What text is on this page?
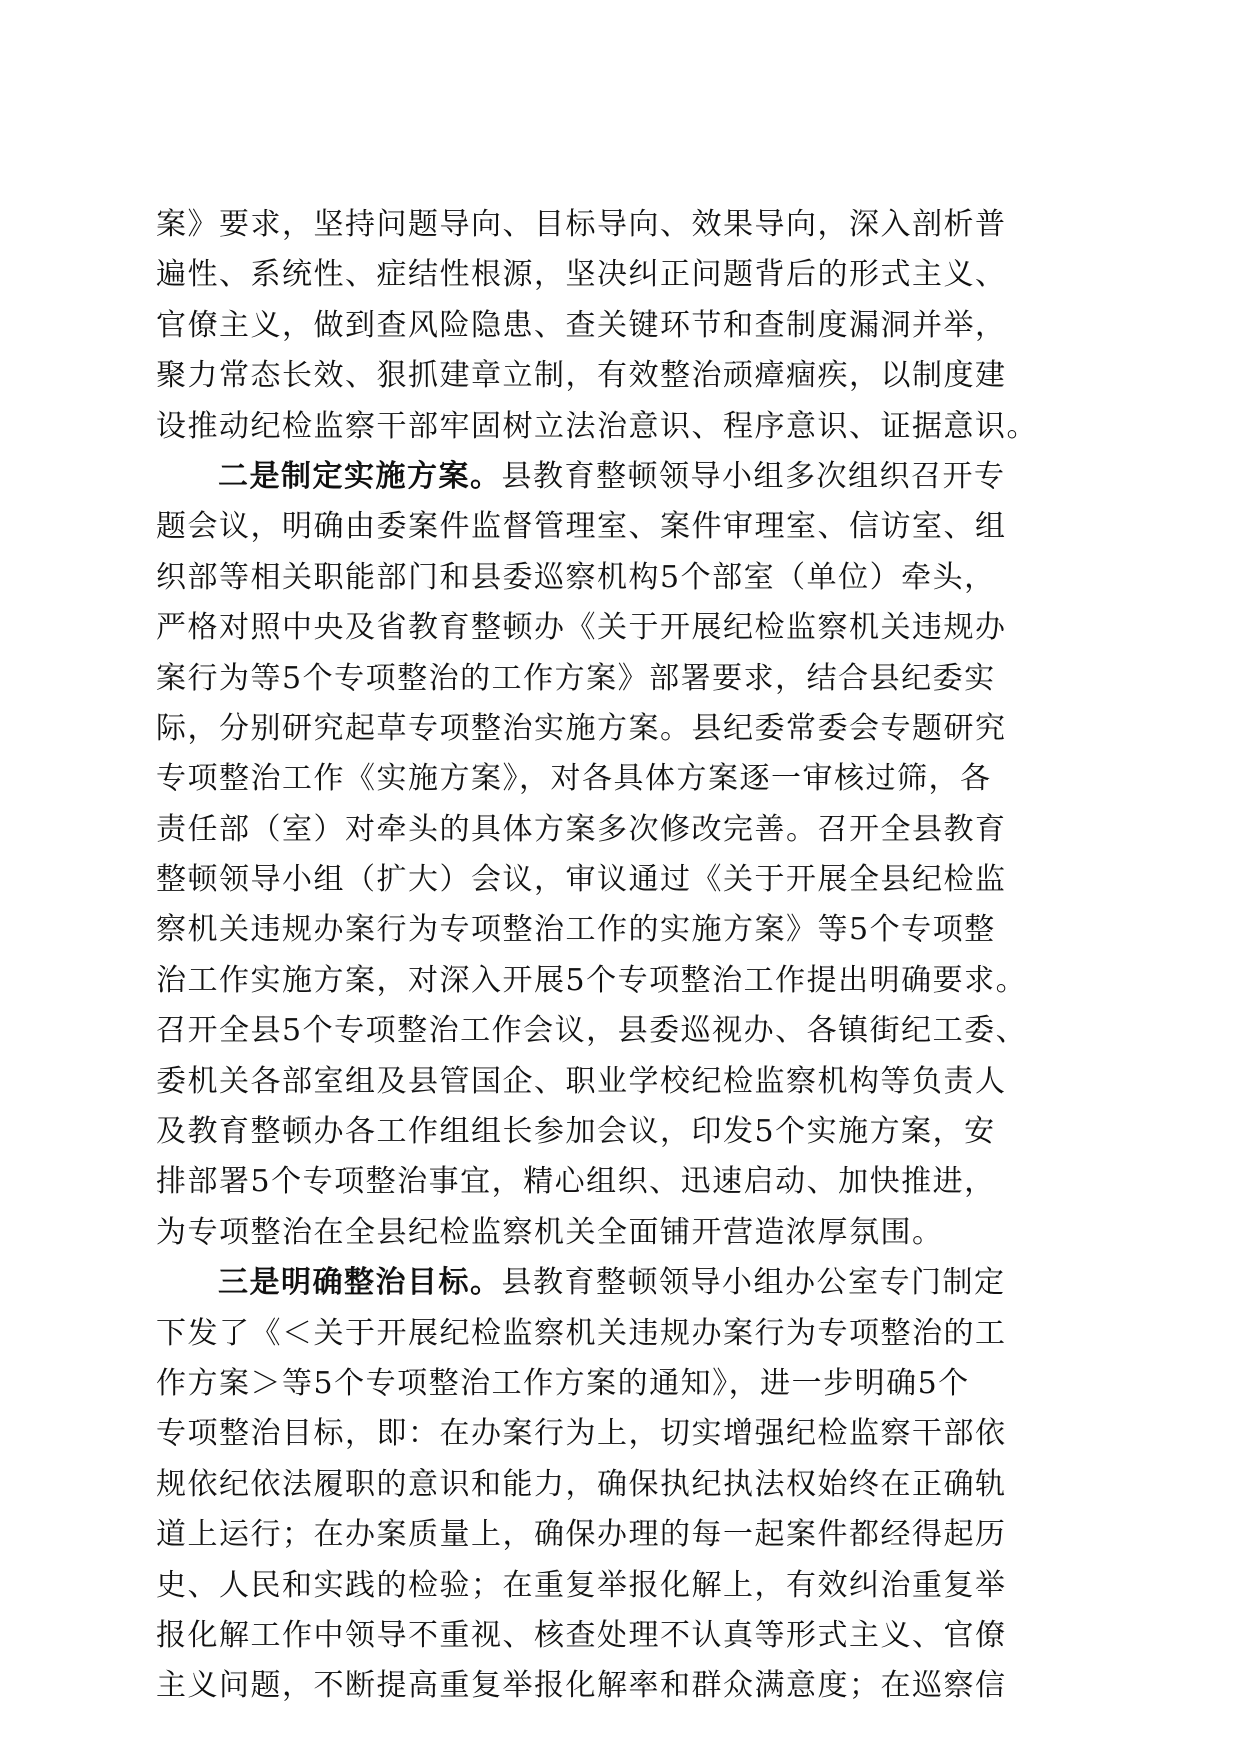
案》要求，坚持问题导向、目标导向、效果导向，深入剖析普
遍性、系统性、症结性根源，坚决纠正问题背后的形式主义、
官僚主义，做到查风险隐患、查关键环节和查制度漏洞并举，
聚力常态长效、狠抓建章立制，有效整治顽瘴痼疾，以制度建
设推动纪检监察干部牢固树立法治意识、程序意识、证据意识。
二是制定实施方案。县教育整顿领导小组多次组织召开专
题会议，明确由委案件监督管理室、案件审理室、信访室、组
织部等相关职能部门和县委巡察机构5个部室（单位）牵头，
严格对照中央及省教育整顿办《关于开展纪检监察机关违规办
案行为等5个专项整治的工作方案》部署要求，结合县纪委实
际，分别研究起草专项整治实施方案。县纪委常委会专题研究
专项整治工作《实施方案》，对各具体方案逐一审核过筛，各
责任部（室）对牵头的具体方案多次修改完善。召开全县教育
整顿领导小组（扩大）会议，审议通过《关于开展全县纪检监
察机关违规办案行为专项整治工作的实施方案》等5个专项整
治工作实施方案，对深入开展5个专项整治工作提出明确要求。
召开全县5个专项整治工作会议，县委巡视办、各镇街纪工委、
委机关各部室组及县管国企、职业学校纪检监察机构等负责人
及教育整顿办各工作组组长参加会议，印发5个实施方案，安
排部署5个专项整治事宜，精心组织、迅速启动、加快推进，
为专项整治在全县纪检监察机关全面铺开营造浓厚氛围。
三是明确整治目标。县教育整顿领导小组办公室专门制定
下发了《＜关于开展纪检监察机关违规办案行为专项整治的工
作方案＞等5个专项整治工作方案的通知》，进一步明确5个
专项整治目标，即：在办案行为上，切实增强纪检监察干部依
规依纪依法履职的意识和能力，确保执纪执法权始终在正确轨
道上运行；在办案质量上，确保办理的每一起案件都经得起历
史、人民和实践的检验；在重复举报化解上，有效纠治重复举
报化解工作中领导不重视、核查处理不认真等形式主义、官僚
主义问题，不断提高重复举报化解率和群众满意度；在巡察信
